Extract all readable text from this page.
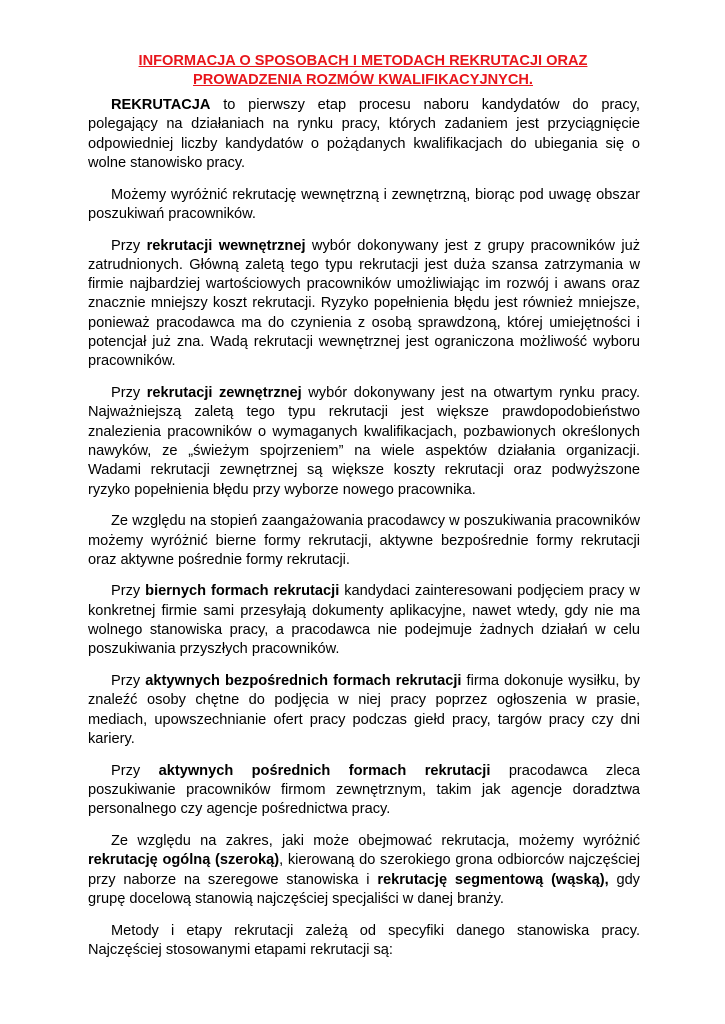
INFORMACJA O SPOSOBACH I METODACH REKRUTACJI ORAZ
PROWADZENIA ROZMÓW KWALIFIKACYJNYCH.

REKRUTACJA to pierwszy etap procesu naboru kandydatów do pracy, polegający na działaniach na rynku pracy, których zadaniem jest przyciągnięcie odpowiedniej liczby kandydatów o pożądanych kwalifikacjach do ubiegania się o wolne stanowisko pracy.

Możemy wyróżnić rekrutację wewnętrzną i zewnętrzną, biorąc pod uwagę obszar poszukiwań pracowników.

Przy rekrutacji wewnętrznej wybór dokonywany jest z grupy pracowników już zatrudnionych. Główną zaletą tego typu rekrutacji jest duża szansa zatrzymania w firmie najbardziej wartościowych pracowników umożliwiając im rozwój i awans oraz znacznie mniejszy koszt rekrutacji. Ryzyko popełnienia błędu jest również mniejsze, ponieważ pracodawca ma do czynienia z osobą sprawdzoną, której umiejętności i potencjał już zna. Wadą rekrutacji wewnętrznej jest ograniczona możliwość wyboru pracowników.

Przy rekrutacji zewnętrznej wybór dokonywany jest na otwartym rynku pracy. Najważniejszą zaletą tego typu rekrutacji jest większe prawdopodobieństwo znalezienia pracowników o wymaganych kwalifikacjach, pozbawionych określonych nawyków, ze „świeżym spojrzeniem” na wiele aspektów działania organizacji. Wadami rekrutacji zewnętrznej są większe koszty rekrutacji oraz podwyższone ryzyko popełnienia błędu przy wyborze nowego pracownika.

Ze względu na stopień zaangażowania pracodawcy w poszukiwania pracowników możemy wyróżnić bierne formy rekrutacji, aktywne bezpośrednie formy rekrutacji oraz aktywne pośrednie formy rekrutacji.

Przy biernych formach rekrutacji kandydaci zainteresowani podjęciem pracy w konkretnej firmie sami przesyłają dokumenty aplikacyjne, nawet wtedy, gdy nie ma wolnego stanowiska pracy, a pracodawca nie podejmuje żadnych działań w celu poszukiwania przyszłych pracowników.

Przy aktywnych bezpośrednich formach rekrutacji firma dokonuje wysiłku, by znaleźć osoby chętne do podjęcia w niej pracy poprzez ogłoszenia w prasie, mediach, upowszechnianie ofert pracy podczas giełd pracy, targów pracy czy dni kariery.

Przy aktywnych pośrednich formach rekrutacji pracodawca zleca poszukiwanie pracowników firmom zewnętrznym, takim jak agencje doradztwa personalnego czy agencje pośrednictwa pracy.

Ze względu na zakres, jaki może obejmować rekrutacja, możemy wyróżnić rekrutację ogólną (szeroką), kierowaną do szerokiego grona odbiorców najczęściej przy naborze na szeregowe stanowiska i rekrutację segmentową (wąską), gdy grupę docelową stanowią najczęściej specjaliści w danej branży.

Metody i etapy rekrutacji zależą od specyfiki danego stanowiska pracy. Najczęściej stosowanymi etapami rekrutacji są:
